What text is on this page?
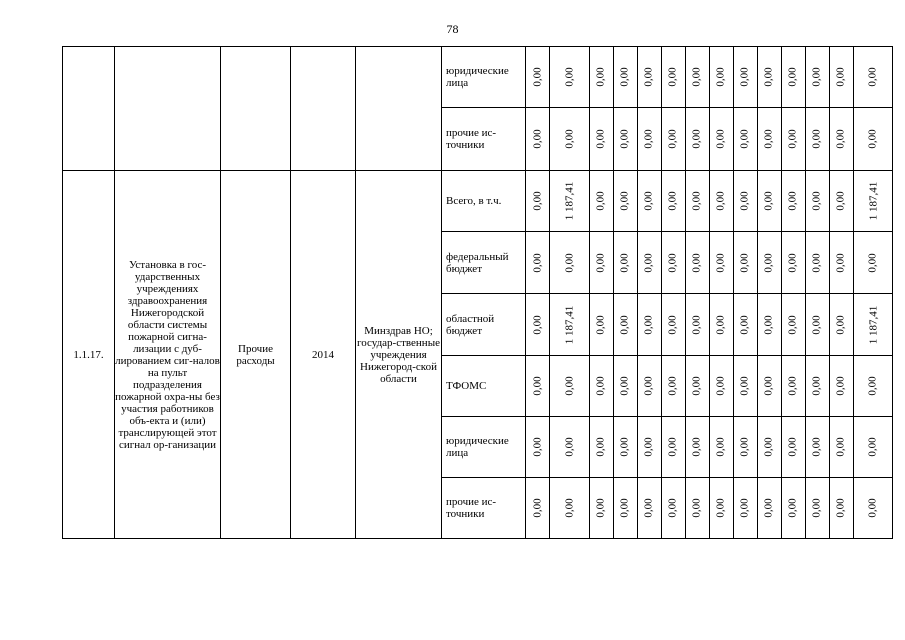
78
					юридические лица	0,00	0,00	0,00	0,00	0,00	0,00	0,00	0,00	0,00	0,00	0,00	0,00	0,00	0,00
					прочие ис-точники	0,00	0,00	0,00	0,00	0,00	0,00	0,00	0,00	0,00	0,00	0,00	0,00	0,00	0,00
1.1.17.	Установка в гос-ударственных учреждениях здравоохранения Нижегородской области системы пожарной сигна-лизации с дуб-лированием сиг-налов на пульт подразделения пожарной охра-ны без участия работников объ-екта и (или) транслирующей этот сигнал ор-ганизации	Прочие расходы	2014	Минздрав НО; государ-ственные учреждения Нижегород-ской области	Всего, в т.ч.	0,00	1 187,41	0,00	0,00	0,00	0,00	0,00	0,00	0,00	0,00	0,00	0,00	0,00	1 187,41
					федеральный бюджет	0,00	0,00	0,00	0,00	0,00	0,00	0,00	0,00	0,00	0,00	0,00	0,00	0,00	0,00
					областной бюджет	0,00	1 187,41	0,00	0,00	0,00	0,00	0,00	0,00	0,00	0,00	0,00	0,00	0,00	1 187,41
					ТФОМС	0,00	0,00	0,00	0,00	0,00	0,00	0,00	0,00	0,00	0,00	0,00	0,00	0,00	0,00
					юридические лица	0,00	0,00	0,00	0,00	0,00	0,00	0,00	0,00	0,00	0,00	0,00	0,00	0,00	0,00
					прочие ис-точники	0,00	0,00	0,00	0,00	0,00	0,00	0,00	0,00	0,00	0,00	0,00	0,00	0,00	0,00
